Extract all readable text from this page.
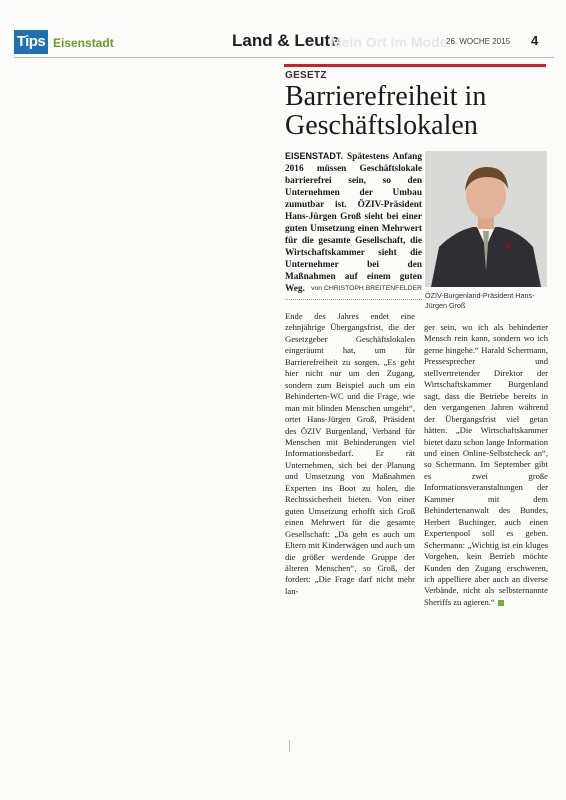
Tips Eisenstadt	Land & Leute	26. WOCHE 2015 4
Mein Ort im Mode
GESETZ
Barrierefreiheit in
Geschäftslokalen
EISENSTADT. Spätestens Anfang 2016 müssen Geschäftslokale barrierefrei sein, so den Unternehmen der Umbau zumutbar ist. ÖZIV-Präsident Hans-Jürgen Groß sieht bei einer guten Umsetzung einen Mehrwert für die gesamte Gesellschaft, die Wirtschaftskammer sieht die Unternehmer bei den Maßnahmen auf einem guten Weg.
ÖZIV-Burgenland-Präsident Hans-
Jürgen Groß
von CHRISTOPH BREITENFELDER
Ende des Jahres endet eine zehnjährige Übergangsfrist, die der Gesetzgeber Geschäftslokalen eingeräumt hat, um für Barrierefreiheit zu sorgen. „Es geht hier nicht nur um den Zugang, sondern zum Beispiel auch um ein Behinderten-WC und die Frage, wie man mit blinden Menschen umgeht“, ortet Hans-Jürgen Groß, Präsident des ÖZIV Burgenland, Verband für Menschen mit Behinderungen viel Informationsbedarf. Er rät Unternehmen, sich bei der Planung und Umsetzung von Maßnahmen Experten ins Boot zu holen, die Rechtssicherheit bieten. Von einer guten Umsetzung erhofft sich Groß einen Mehrwert für die gesamte Gesellschaft: „Da geht es auch um Eltern mit Kinderwägen und auch um die größer werdende Gruppe der älteren Menschen“, so Groß, der fordert: „Die Frage darf nicht mehr lan-
ger sein, wo ich als behinderter Mensch rein kann, sondern wo ich gerne hingehe.“ Harald Schermann, Pressesprecher und stellvertretender Direktor der Wirtschaftskammer Burgenland sagt, dass die Betriebe bereits in den vergangenen Jahren während der Übergangsfrist viel getan hätten. „Die Wirtschaftskammer bietet dazu schon lange Information und einen Online-Selbstcheck an“, so Schermann. Im September gibt es zwei große Informationsveranstaltungen der Kammer mit dem Behindertenanwalt des Bundes, Herbert Buchinger, auch einen Expertenpool soll es geben. Schermann: „Wichtig ist ein kluges Vorgehen, kein Betrieb möchte Kunden den Zugang erschweren, ich appelliere aber auch an diverse Verbände, nicht als selbsternannte Sheriffs zu agieren.“
